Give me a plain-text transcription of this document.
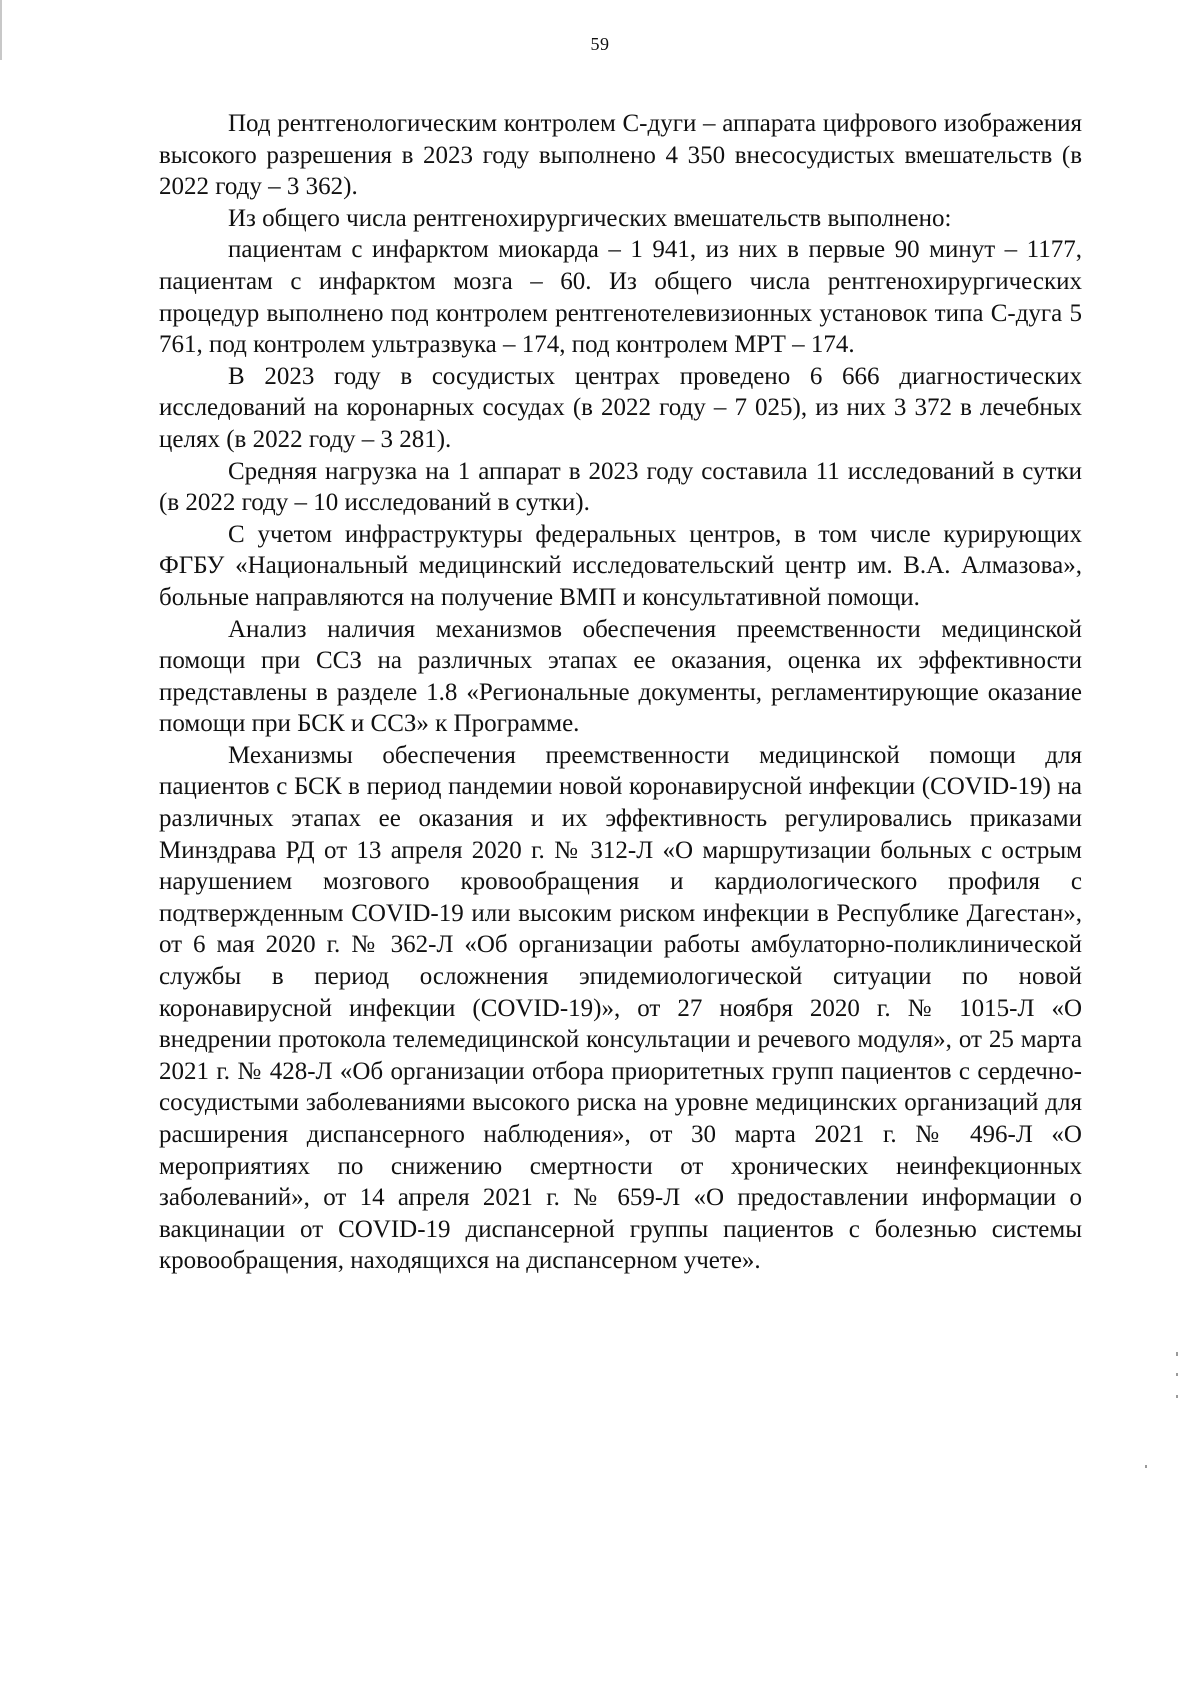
59

Под рентгенологическим контролем С-дуги – аппарата цифрового изображения высокого разрешения в 2023 году выполнено 4 350 внесосудистых вмешательств (в 2022 году – 3 362).

Из общего числа рентгенохирургических вмешательств выполнено:

пациентам с инфарктом миокарда – 1 941, из них в первые 90 минут – 1177, пациентам с инфарктом мозга – 60. Из общего числа рентгенохирургических процедур выполнено под контролем рентгенотелевизионных установок типа С-дуга 5 761, под контролем ультразвука – 174, под контролем МРТ – 174.

В 2023 году в сосудистых центрах проведено 6 666 диагностических исследований на коронарных сосудах (в 2022 году – 7 025), из них 3 372 в лечебных целях (в 2022 году – 3 281).

Средняя нагрузка на 1 аппарат в 2023 году составила 11 исследований в сутки (в 2022 году – 10 исследований в сутки).

С учетом инфраструктуры федеральных центров, в том числе курирующих ФГБУ «Национальный медицинский исследовательский центр им. В.А. Алмазова», больные направляются на получение ВМП и консультативной помощи.

Анализ наличия механизмов обеспечения преемственности медицинской помощи при ССЗ на различных этапах ее оказания, оценка их эффективности представлены в разделе 1.8 «Региональные документы, регламентирующие оказание помощи при БСК и ССЗ» к Программе.

Механизмы обеспечения преемственности медицинской помощи для пациентов с БСК в период пандемии новой коронавирусной инфекции (COVID-19) на различных этапах ее оказания и их эффективность регулировались приказами Минздрава РД от 13 апреля 2020 г. № 312-Л «О маршрутизации больных с острым нарушением мозгового кровообращения и кардиологического профиля с подтвержденным COVID-19 или высоким риском инфекции в Республике Дагестан», от 6 мая 2020 г. № 362-Л «Об организации работы амбулаторно-поликлинической службы в период осложнения эпидемиологической ситуации по новой коронавирусной инфекции (COVID-19)», от 27 ноября 2020 г. № 1015-Л «О внедрении протокола телемедицинской консультации и речевого модуля», от 25 марта 2021 г. № 428-Л «Об организации отбора приоритетных групп пациентов с сердечно-сосудистыми заболеваниями высокого риска на уровне медицинских организаций для расширения диспансерного наблюдения», от 30 марта 2021 г. № 496-Л «О мероприятиях по снижению смертности от хронических неинфекционных заболеваний», от 14 апреля 2021 г. № 659-Л «О предоставлении информации о вакцинации от COVID-19 диспансерной группы пациентов с болезнью системы кровообращения, находящихся на диспансерном учете».
